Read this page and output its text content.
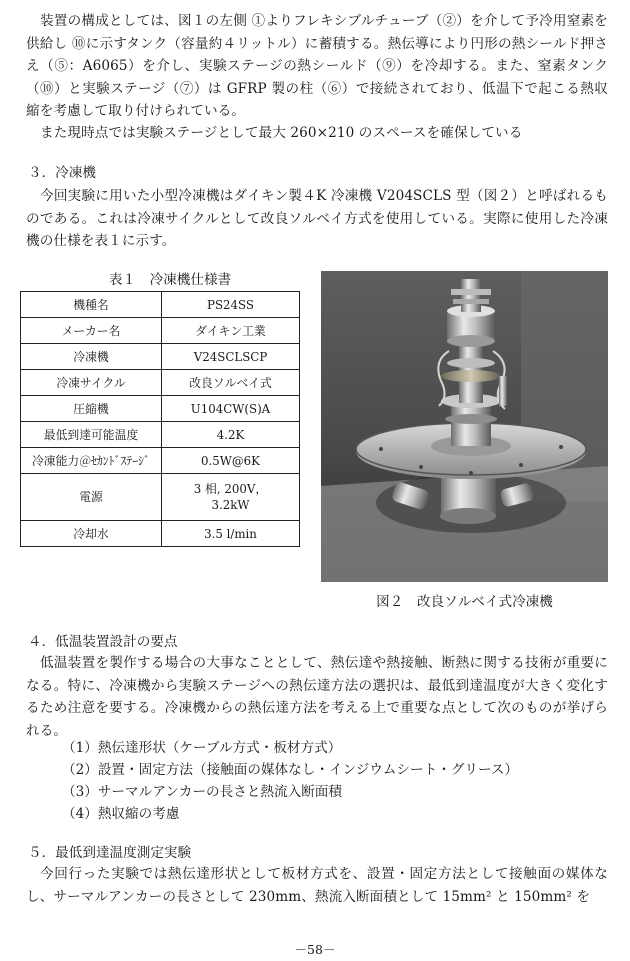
装置の構成としては、図１の左側 ①よりフレキシブルチューブ（②）を介して予冷用窒素を供給し ⑩に示すタンク（容量約４リットル）に蓄積する。熱伝導により円形の熱シールド押さえ（⑤：A6065）を介し、実験ステージの熱シールド（⑨）を冷却する。また、窒素タンク（⑩）と実験ステージ（⑦）は GFRP 製の柱（⑥）で接続されており、低温下で起こる熱収縮を考慮して取り付けられている。

また現時点では実験ステージとして最大 260×210 のスペースを確保している

３．冷凍機

今回実験に用いた小型冷凍機はダイキン製４K 冷凍機 V204SCLS 型（図２）と呼ばれるものである。これは冷凍サイクルとして改良ソルベイ方式を使用している。実際に使用した冷凍機の仕様を表１に示す。

表１　冷凍機仕様書
機種名	PS24SS
メーカー名	ダイキン工業
冷凍機	V24SCLSCP
冷凍サイクル	改良ソルベイ式
圧縮機	U104CW(S)A
最低到達可能温度	4.2K
冷凍能力＠ｾｶﾝﾄﾞｽﾃｰｼﾞ	0.5W@6K
電源	3 相, 200V，
3.2kW

冷却水	3.5 l/min
図２　改良ソルベイ式冷凍機
４．低温装置設計の要点

低温装置を製作する場合の大事なこととして、熱伝達や熱接触、断熱に関する技術が重要になる。特に、冷凍機から実験ステージへの熱伝達方法の選択は、最低到達温度が大きく変化するため注意を要する。冷凍機からの熱伝達方法を考える上で重要な点として次のものが挙げられる。

（1）熱伝達形状（ケーブル方式・板材方式）
（2）設置・固定方法（接触面の媒体なし・インジウムシート・グリース）
（3）サーマルアンカーの長さと熱流入断面積
（4）熱収縮の考慮
５．最低到達温度測定実験

今回行った実験では熱伝達形状として板材方式を、設置・固定方法として接触面の媒体なし、サーマルアンカーの長さとして 230mm、熱流入断面積として 15mm² と 150mm² を

－58－
